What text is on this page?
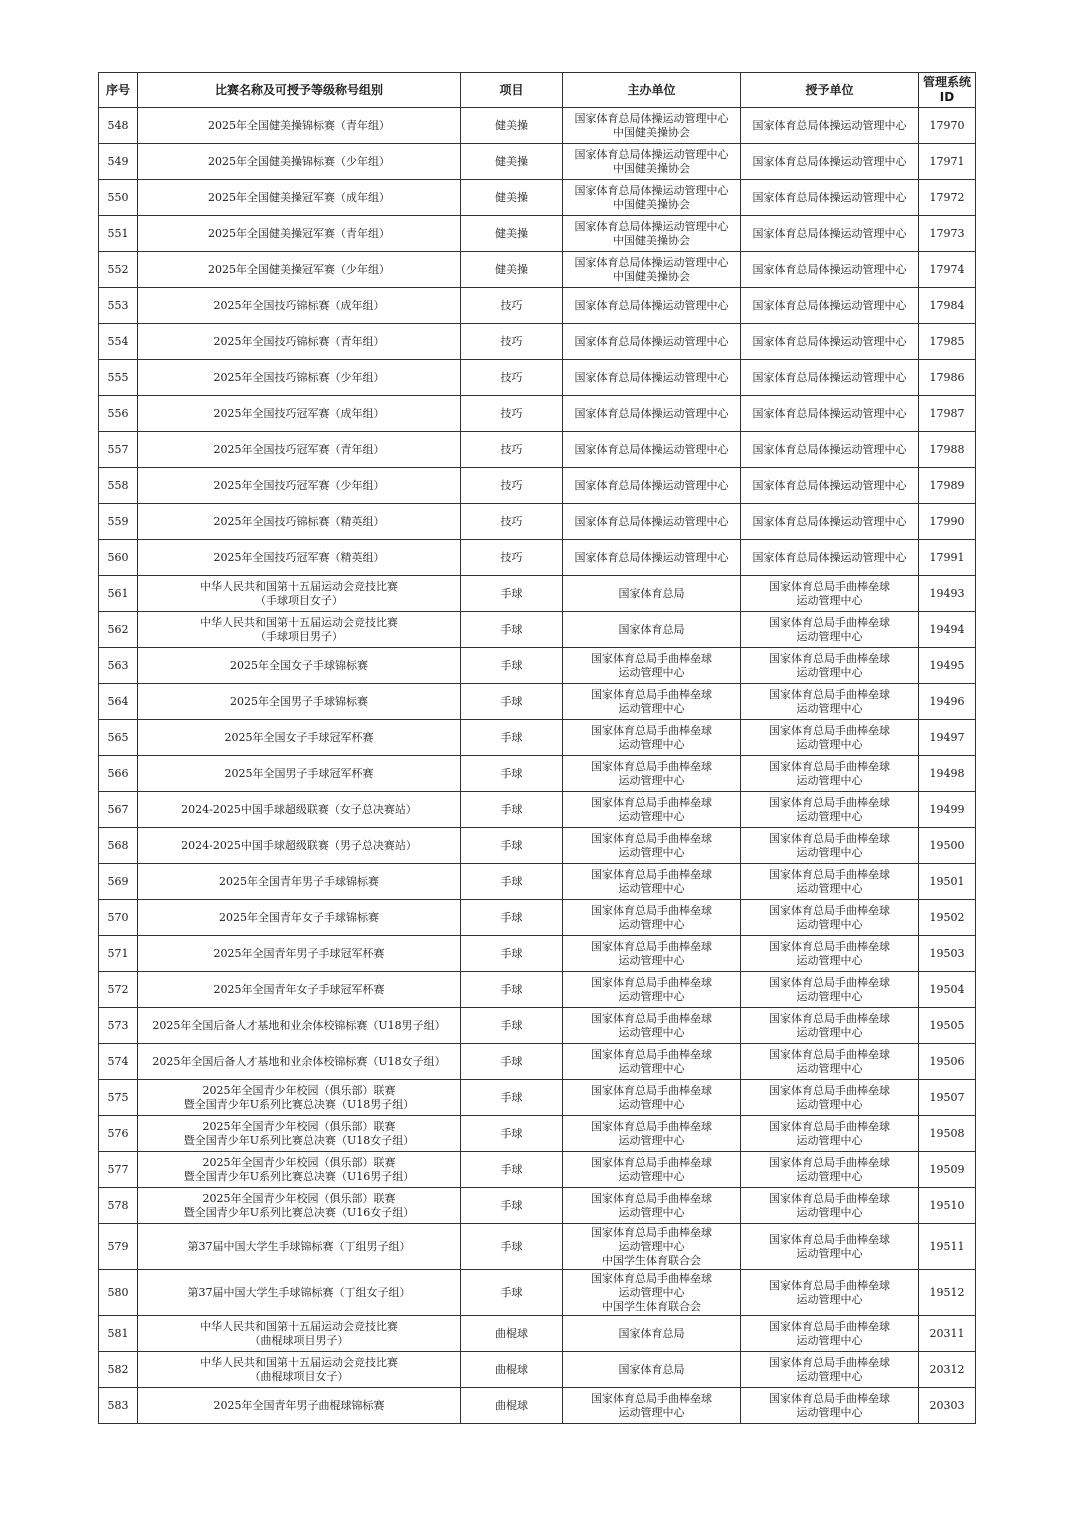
序号	比赛名称及可授予等级称号组别	项目	主办单位	授予单位	管理系统
ID
548	2025年全国健美操锦标赛（青年组）	健美操	国家体育总局体操运动管理中心
中国健美操协会	国家体育总局体操运动管理中心	17970
549	2025年全国健美操锦标赛（少年组）	健美操	国家体育总局体操运动管理中心
中国健美操协会	国家体育总局体操运动管理中心	17971
550	2025年全国健美操冠军赛（成年组）	健美操	国家体育总局体操运动管理中心
中国健美操协会	国家体育总局体操运动管理中心	17972
551	2025年全国健美操冠军赛（青年组）	健美操	国家体育总局体操运动管理中心
中国健美操协会	国家体育总局体操运动管理中心	17973
552	2025年全国健美操冠军赛（少年组）	健美操	国家体育总局体操运动管理中心
中国健美操协会	国家体育总局体操运动管理中心	17974
553	2025年全国技巧锦标赛（成年组）	技巧	国家体育总局体操运动管理中心	国家体育总局体操运动管理中心	17984
554	2025年全国技巧锦标赛（青年组）	技巧	国家体育总局体操运动管理中心	国家体育总局体操运动管理中心	17985
555	2025年全国技巧锦标赛（少年组）	技巧	国家体育总局体操运动管理中心	国家体育总局体操运动管理中心	17986
556	2025年全国技巧冠军赛（成年组）	技巧	国家体育总局体操运动管理中心	国家体育总局体操运动管理中心	17987
557	2025年全国技巧冠军赛（青年组）	技巧	国家体育总局体操运动管理中心	国家体育总局体操运动管理中心	17988
558	2025年全国技巧冠军赛（少年组）	技巧	国家体育总局体操运动管理中心	国家体育总局体操运动管理中心	17989
559	2025年全国技巧锦标赛（精英组）	技巧	国家体育总局体操运动管理中心	国家体育总局体操运动管理中心	17990
560	2025年全国技巧冠军赛（精英组）	技巧	国家体育总局体操运动管理中心	国家体育总局体操运动管理中心	17991
561	中华人民共和国第十五届运动会竞技比赛
（手球项目女子）	手球	国家体育总局	国家体育总局手曲棒垒球
运动管理中心	19493
562	中华人民共和国第十五届运动会竞技比赛
（手球项目男子）	手球	国家体育总局	国家体育总局手曲棒垒球
运动管理中心	19494
563	2025年全国女子手球锦标赛	手球	国家体育总局手曲棒垒球
运动管理中心	国家体育总局手曲棒垒球
运动管理中心	19495
564	2025年全国男子手球锦标赛	手球	国家体育总局手曲棒垒球
运动管理中心	国家体育总局手曲棒垒球
运动管理中心	19496
565	2025年全国女子手球冠军杯赛	手球	国家体育总局手曲棒垒球
运动管理中心	国家体育总局手曲棒垒球
运动管理中心	19497
566	2025年全国男子手球冠军杯赛	手球	国家体育总局手曲棒垒球
运动管理中心	国家体育总局手曲棒垒球
运动管理中心	19498
567	2024-2025中国手球超级联赛（女子总决赛站）	手球	国家体育总局手曲棒垒球
运动管理中心	国家体育总局手曲棒垒球
运动管理中心	19499
568	2024-2025中国手球超级联赛（男子总决赛站）	手球	国家体育总局手曲棒垒球
运动管理中心	国家体育总局手曲棒垒球
运动管理中心	19500
569	2025年全国青年男子手球锦标赛	手球	国家体育总局手曲棒垒球
运动管理中心	国家体育总局手曲棒垒球
运动管理中心	19501
570	2025年全国青年女子手球锦标赛	手球	国家体育总局手曲棒垒球
运动管理中心	国家体育总局手曲棒垒球
运动管理中心	19502
571	2025年全国青年男子手球冠军杯赛	手球	国家体育总局手曲棒垒球
运动管理中心	国家体育总局手曲棒垒球
运动管理中心	19503
572	2025年全国青年女子手球冠军杯赛	手球	国家体育总局手曲棒垒球
运动管理中心	国家体育总局手曲棒垒球
运动管理中心	19504
573	2025年全国后备人才基地和业余体校锦标赛（U18男子组）	手球	国家体育总局手曲棒垒球
运动管理中心	国家体育总局手曲棒垒球
运动管理中心	19505
574	2025年全国后备人才基地和业余体校锦标赛（U18女子组）	手球	国家体育总局手曲棒垒球
运动管理中心	国家体育总局手曲棒垒球
运动管理中心	19506
575	2025年全国青少年校园（俱乐部）联赛
暨全国青少年U系列比赛总决赛（U18男子组）	手球	国家体育总局手曲棒垒球
运动管理中心	国家体育总局手曲棒垒球
运动管理中心	19507
576	2025年全国青少年校园（俱乐部）联赛
暨全国青少年U系列比赛总决赛（U18女子组）	手球	国家体育总局手曲棒垒球
运动管理中心	国家体育总局手曲棒垒球
运动管理中心	19508
577	2025年全国青少年校园（俱乐部）联赛
暨全国青少年U系列比赛总决赛（U16男子组）	手球	国家体育总局手曲棒垒球
运动管理中心	国家体育总局手曲棒垒球
运动管理中心	19509
578	2025年全国青少年校园（俱乐部）联赛
暨全国青少年U系列比赛总决赛（U16女子组）	手球	国家体育总局手曲棒垒球
运动管理中心	国家体育总局手曲棒垒球
运动管理中心	19510
579	第37届中国大学生手球锦标赛（丁组男子组）	手球	国家体育总局手曲棒垒球
运动管理中心
中国学生体育联合会	国家体育总局手曲棒垒球
运动管理中心	19511
580	第37届中国大学生手球锦标赛（丁组女子组）	手球	国家体育总局手曲棒垒球
运动管理中心
中国学生体育联合会	国家体育总局手曲棒垒球
运动管理中心	19512
581	中华人民共和国第十五届运动会竞技比赛
（曲棍球项目男子）	曲棍球	国家体育总局	国家体育总局手曲棒垒球
运动管理中心	20311
582	中华人民共和国第十五届运动会竞技比赛
（曲棍球项目女子）	曲棍球	国家体育总局	国家体育总局手曲棒垒球
运动管理中心	20312
583	2025年全国青年男子曲棍球锦标赛	曲棍球	国家体育总局手曲棒垒球
运动管理中心	国家体育总局手曲棒垒球
运动管理中心	20303
